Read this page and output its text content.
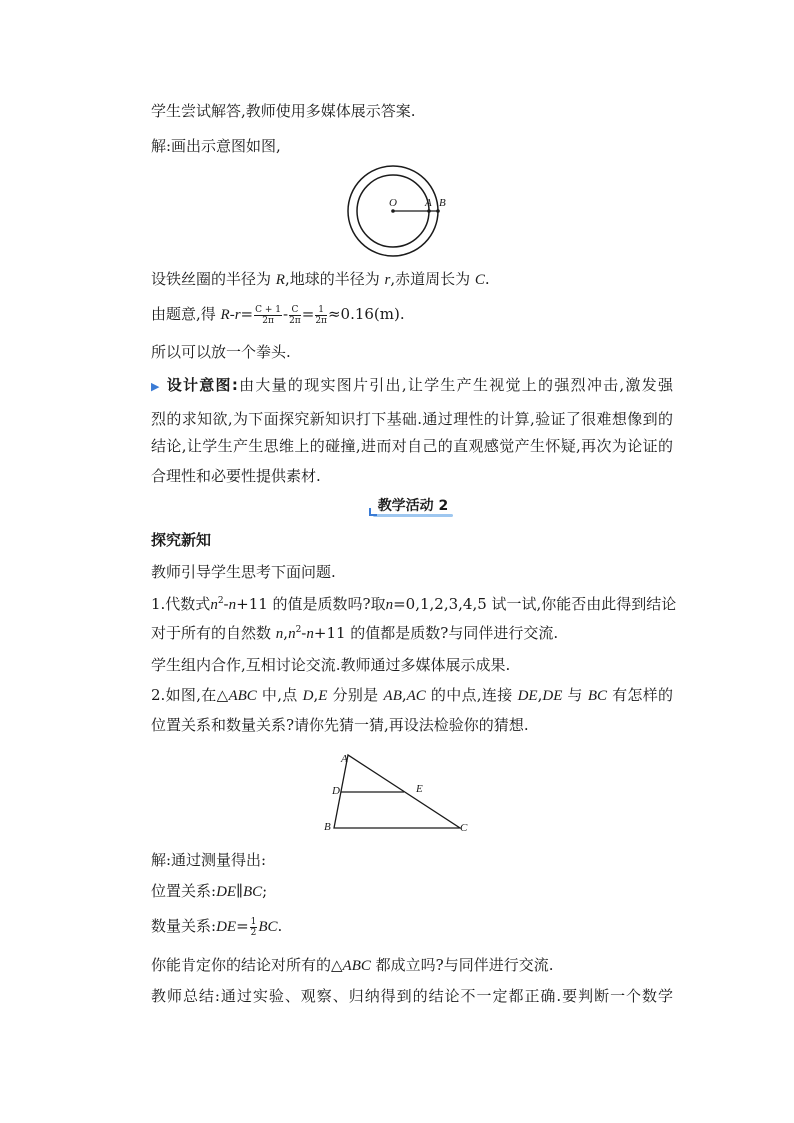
学生尝试解答,教师使用多媒体展示答案.
解:画出示意图如图,
O	A B
设铁丝圈的半径为 R,地球的半径为 r,赤道周长为 C.
由题意,得 $R-r= \frac{C + 1}{2\pi} - \frac{C}{2\pi} = \frac{1}{2\pi} \approx 0.16(m)$.
所以可以放一个拳头.
▶ 设计意图:由大量的现实图片引出,让学生产生视觉上的强烈冲击,激发强
烈的求知欲,为下面探究新知识打下基础.通过理性的计算,验证了很难想像到的
结论,让学生产生思维上的碰撞,进而对自己的直观感觉产生怀疑,再次为论证的
合理性和必要性提供素材.
教学活动 2
探究新知
教师引导学生思考下面问题.
1.代数式$n^2-n+11$ 的值是质数吗?取n=0,1,2,3,4,5 试一试,你能否由此得到结论
对于所有的自然数 $n,n^2-n+11$ 的值都是质数?与同伴进行交流.
学生组内合作,互相讨论交流.教师通过多媒体展示成果.
2.如图,在△ABC 中,点 D,E 分别是 AB,AC 的中点,连接 DE,DE 与 BC 有怎样的
位置关系和数量关系?请你先猜一猜,再设法检验你的猜想.
A
D	E
B	C
解:通过测量得出:
位置关系:DE∥BC;
数量关系:DE= $\frac{1}{2}$ BC.
你能肯定你的结论对所有的△ABC 都成立吗?与同伴进行交流.
教师总结:通过实验、观察、归纳得到的结论不一定都正确.要判断一个数学
